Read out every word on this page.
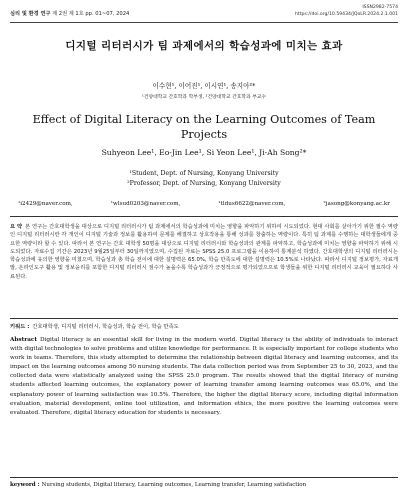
심리 및 환경 연구 제 2권 제 1호 pp. 01~07, 2024
ISSN2982-7574
https://doi.org/10.59434/JQoLR.2024.2.1.001
디지털 리터러시가 팀 과제에서의 학습성과에 미치는 효과
이수현¹, 이어진¹, 이시연¹, 송지아²*
¹건양대학교 간호학과 학부생, ²건양대학교 간호학과 부교수
Effect of Digital Literacy on the Learning Outcomes of Team Projects
Suhyeon Lee¹, Eo-Jin Lee¹, Si Yeon Lee¹, Ji-Ah Song²*
¹Student, Dept. of Nursing, Konyang University
²Professor, Dept. of Nursing, Konyang University
¹i2429@naver.com,	¹wlsud0203@naver.com,	¹tldus6622@naver.com,	²jasong@konyang.ac.kr
요 약 본 연구는 간호대학생을 대상으로 디지털 리터러시가 팀 과제에서의 학습성과에 미치는 영향을 파악하기 위하여 시도되었다. 현대 사회를 살아가기 위한 필수 역량인 디지털 리터러시란 각 개인이 디지털 기술과 정보를 활용하여 문제를 해결하고 상호작용을 통해 성과를 창출하는 역량이다. 특히 팀 과제를 수행하는 대학생들에게 중요한 역량이라 할 수 있다. 따라서 본 연구는 간호 대학생 50명을 대상으로 디지털 리터러시와 학습성과의 관계를 파악하고, 학습성과에 미치는 영향을 파악하기 위해 시도되었다. 자료수집 기간은 2023년 9월25일부터 30일까지였으며, 수집된 자료는 SPSS 25.0 프로그램을 이용하여 통계분석 하였다. 간호대학생의 디지털 리터러시는 학습성과에 유의한 영향을 미쳤으며, 학습성과 총 학습 전이에 대한 설명력은 65.0%, 학습 만족도에 대한 설명력은 10.5%로 나타났다. 따라서 디지털 정보평가, 자료개발, 온라인도구 활용 및 정보윤리를 포함한 디지털 리터러시 점수가 높을수록 학습성과가 긍정적으로 평가되었으므로 학생들을 위한 디지털 리터러시 교육이 필요하다 사료된다.
키워드 : 간호대학생, 디지털 리터러시, 학습성과, 학습 전이, 학습 만족도
Abstract Digital literacy is an essential skill for living in the modern world. Digital literacy is the ability of individuals to interact with digital technologies to solve problems and utilize knowledge for performance. It is especially important for college students who work in teams. Therefore, this study attempted to determine the relationship between digital literacy and learning outcomes, and its impact on the learning outcomes among 50 nursing students. The data collection period was from September 25 to 30, 2023, and the collected data were statistically analyzed using the SPSS 25.0 program. The results showed that the digital literacy of nursing students affected learning outcomes, the explanatory power of learning transfer among learning outcomes was 65.0%, and the explanatory power of learning satisfaction was 10.5%. Therefore, the higher the digital literacy score, including digital information evaluation, material development, online tool utilization, and information ethics, the more positive the learning outcomes were evaluated. Therefore, digital literacy education for students is necessary.
keyword : Nursing students, Digital literacy, Learning outcomes, Learning transfer, Learning satisfaction
